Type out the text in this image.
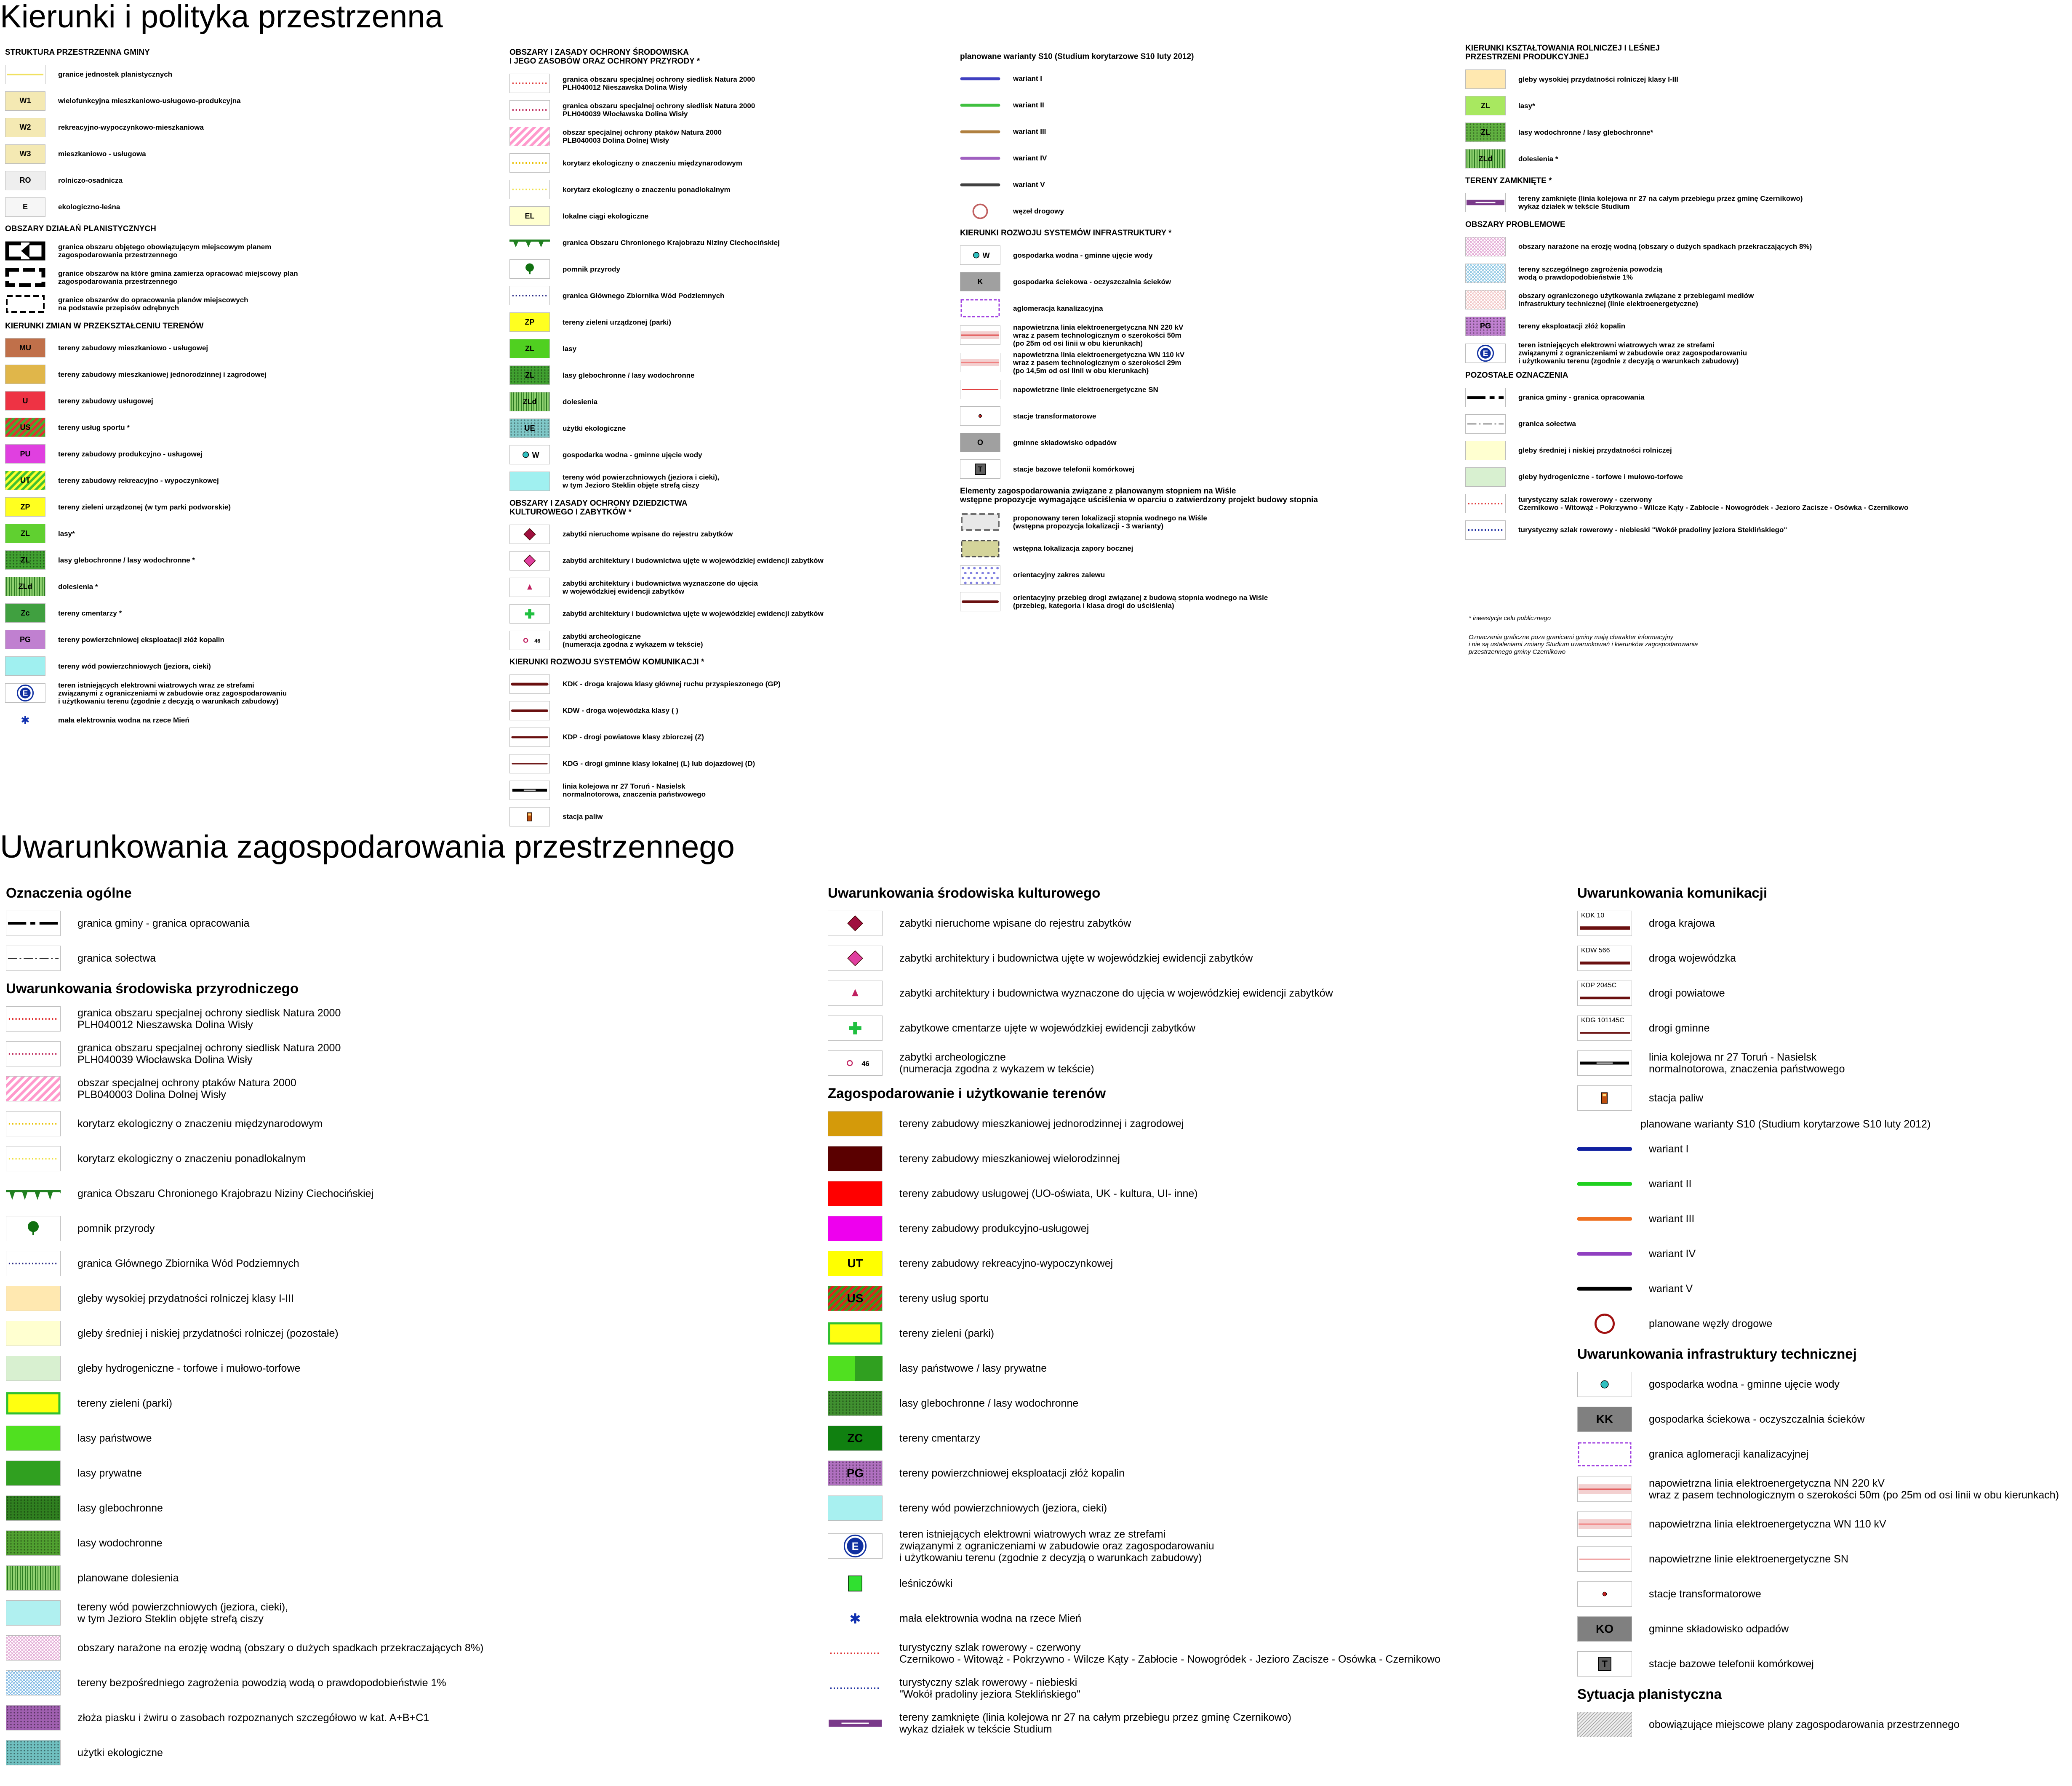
Kierunki i polityka przestrzenna
Uwarunkowania zagospodarowania przestrzennego
STRUKTURA PRZESTRZENNA GMINY
granice jednostek planistycznych
W1	wielofunkcyjna mieszkaniowo-usługowo-produkcyjna
W2	rekreacyjno-wypoczynkowo-mieszkaniowa
W3	mieszkaniowo - usługowa
RO	rolniczo-osadnicza
E	ekologiczno-leśna
OBSZARY DZIAŁAŃ PLANISTYCZNYCH
granica obszaru objętego obowiązującym miejscowym planem
zagospodarowania przestrzennego
granice obszarów na które gmina zamierza opracować miejscowy plan
zagospodarowania przestrzennego
granice obszarów do opracowania planów miejscowych
na podstawie przepisów odrębnych
KIERUNKI ZMIAN W PRZEKSZTAŁCENIU TERENÓW
MU	tereny zabudowy mieszkaniowo - usługowej
tereny zabudowy mieszkaniowej jednorodzinnej i zagrodowej
U	tereny zabudowy usługowej
US	tereny usług sportu *
PU	tereny zabudowy produkcyjno - usługowej
UT	tereny zabudowy rekreacyjno - wypoczynkowej
ZP	tereny zieleni urządzonej (w tym parki podworskie)
ZL	lasy*
ZL	lasy glebochronne / lasy wodochronne *
ZLd	dolesienia *
Zc	tereny cmentarzy *
PG	tereny powierzchniowej eksploatacji złóż kopalin
tereny wód powierzchniowych (jeziora, cieki)
E
teren istniejących elektrowni wiatrowych wraz ze strefami
związanymi z ograniczeniami w zabudowie oraz zagospodarowaniu
i użytkowaniu terenu (zgodnie z decyzją o warunkach zabudowy)
✱	mała elektrownia wodna na rzece Mień
OBSZARY I ZASADY OCHRONY ŚRODOWISKA
I JEGO ZASOBÓW ORAZ OCHRONY PRZYRODY *
granica obszaru specjalnej ochrony siedlisk Natura 2000
PLH040012 Nieszawska Dolina Wisły
granica obszaru specjalnej ochrony siedlisk Natura 2000
PLH040039 Włocławska Dolina Wisły
obszar specjalnej ochrony ptaków Natura 2000
PLB040003 Dolina Dolnej Wisły
korytarz ekologiczny o znaczeniu międzynarodowym
korytarz ekologiczny o znaczeniu ponadlokalnym
EL	lokalne ciągi ekologiczne
granica Obszaru Chronionego Krajobrazu Niziny Ciechocińskiej
pomnik przyrody
granica Głównego Zbiornika Wód Podziemnych
ZP	tereny zieleni urządzonej (parki)
ZL	lasy
ZL	lasy glebochronne / lasy wodochronne
ZLd	dolesienia
UE	użytki ekologiczne
W	gospodarka wodna - gminne ujęcie wody
tereny wód powierzchniowych (jeziora i cieki),
w tym Jezioro Steklin objęte strefą ciszy
OBSZARY I ZASADY OCHRONY DZIEDZICTWA
KULTUROWEGO I ZABYTKÓW *
zabytki nieruchome wpisane do rejestru zabytków
zabytki architektury i budownictwa ujęte w wojewódzkiej ewidencji zabytków
zabytki architektury i budownictwa wyznaczone do ujęcia
w wojewódzkiej ewidencji zabytków
zabytki architektury i budownictwa ujęte w wojewódzkiej ewidencji zabytków
46
zabytki archeologiczne
(numeracja zgodna z wykazem w tekście)
KIERUNKI ROZWOJU SYSTEMÓW KOMUNIKACJI *
KDK - droga krajowa klasy głównej ruchu przyspieszonego (GP)
KDW - droga wojewódzka klasy ( )
KDP - drogi powiatowe klasy zbiorczej (Z)
KDG - drogi gminne klasy lokalnej (L) lub dojazdowej (D)
linia kolejowa nr 27 Toruń - Nasielsk
normalnotorowa, znaczenia państwowego
stacja paliw
planowane warianty S10 (Studium korytarzowe S10 luty 2012)
wariant I
wariant II
wariant III
wariant IV
wariant V
węzeł drogowy
KIERUNKI ROZWOJU SYSTEMÓW INFRASTRUKTURY *
W	gospodarka wodna - gminne ujęcie wody
K	gospodarka ściekowa - oczyszczalnia ścieków
aglomeracja kanalizacyjna
napowietrzna linia elektroenergetyczna NN 220 kV
wraz z pasem technologicznym o szerokości 50m
(po 25m od osi linii w obu kierunkach)
napowietrzna linia elektroenergetyczna WN 110 kV
wraz z pasem technologicznym o szerokości 29m
(po 14,5m od osi linii w obu kierunkach)
napowietrzne linie elektroenergetyczne SN
stacje transformatorowe
O	gminne składowisko odpadów
T	stacje bazowe telefonii komórkowej
Elementy zagospodarowania związane z planowanym stopniem na Wiśle
wstępne propozycje wymagające uściślenia w oparciu o zatwierdzony projekt budowy stopnia
proponowany teren lokalizacji stopnia wodnego na Wiśle
(wstępna propozycja lokalizacji - 3 warianty)
wstępna lokalizacja zapory bocznej
orientacyjny zakres zalewu
orientacyjny przebieg drogi związanej z budową stopnia wodnego na Wiśle
(przebieg, kategoria i klasa drogi do uściślenia)
KIERUNKI KSZTAŁTOWANIA ROLNICZEJ I LEŚNEJ
PRZESTRZENI PRODUKCYJNEJ
gleby wysokiej przydatności rolniczej klasy I-III
ZL	lasy*
ZL	lasy wodochronne / lasy glebochronne*
ZLd	dolesienia *
TERENY ZAMKNIĘTE *
tereny zamknięte (linia kolejowa nr 27 na całym przebiegu przez gminę Czernikowo)
wykaz działek w tekście Studium
OBSZARY PROBLEMOWE
obszary narażone na erozję wodną (obszary o dużych spadkach przekraczających 8%)
tereny szczególnego zagrożenia powodzią
wodą o prawdopodobieństwie 1%
obszary ograniczonego użytkowania związane z przebiegami mediów
infrastruktury technicznej (linie elektroenergetyczne)
PG	tereny eksploatacji złóż kopalin
E
teren istniejących elektrowni wiatrowych wraz ze strefami
związanymi z ograniczeniami w zabudowie oraz zagospodarowaniu
i użytkowaniu terenu (zgodnie z decyzją o warunkach zabudowy)
POZOSTAŁE OZNACZENIA
granica gminy - granica opracowania
granica sołectwa
gleby średniej i niskiej przydatności rolniczej
gleby hydrogeniczne - torfowe i mułowo-torfowe
turystyczny szlak rowerowy - czerwony
Czernikowo - Witowąż - Pokrzywno - Wilcze Kąty - Zabłocie - Nowogródek - Jezioro Zacisze - Osówka - Czernikowo
turystyczny szlak rowerowy - niebieski "Wokół pradoliny jeziora Steklińskiego"
* inwestycje celu publicznego
Oznaczenia graficzne poza granicami gminy mają charakter informacyjny
i nie są ustaleniami zmiany Studium uwarunkowań i kierunków zagospodarowania
przestrzennego gminy Czernikowo
Oznaczenia ogólne
granica gminy - granica opracowania
granica sołectwa
Uwarunkowania środowiska przyrodniczego
granica obszaru specjalnej ochrony siedlisk Natura 2000
PLH040012 Nieszawska Dolina Wisły
granica obszaru specjalnej ochrony siedlisk Natura 2000
PLH040039 Włocławska Dolina Wisły
obszar specjalnej ochrony ptaków Natura 2000
PLB040003 Dolina Dolnej Wisły
korytarz ekologiczny o znaczeniu międzynarodowym
korytarz ekologiczny o znaczeniu ponadlokalnym
granica Obszaru Chronionego Krajobrazu Niziny Ciechocińskiej
pomnik przyrody
granica Głównego Zbiornika Wód Podziemnych
gleby wysokiej przydatności rolniczej klasy I-III
gleby średniej i niskiej przydatności rolniczej (pozostałe)
gleby hydrogeniczne - torfowe i mułowo-torfowe
tereny zieleni (parki)
lasy państwowe
lasy prywatne
lasy glebochronne
lasy wodochronne
planowane dolesienia
tereny wód powierzchniowych (jeziora, cieki),
w tym Jezioro Steklin objęte strefą ciszy
obszary narażone na erozję wodną (obszary o dużych spadkach przekraczających 8%)
tereny bezpośredniego zagrożenia powodzią wodą o prawdopodobieństwie 1%
złoża piasku i żwiru o zasobach rozpoznanych szczegółowo w kat. A+B+C1
użytki ekologiczne
Uwarunkowania środowiska kulturowego
zabytki nieruchome wpisane do rejestru zabytków
zabytki architektury i budownictwa ujęte w wojewódzkiej ewidencji zabytków
zabytki architektury i budownictwa wyznaczone do ujęcia w wojewódzkiej ewidencji zabytków
zabytkowe cmentarze ujęte w wojewódzkiej ewidencji zabytków
46
zabytki archeologiczne
(numeracja zgodna z wykazem w tekście)
Zagospodarowanie i użytkowanie terenów
tereny zabudowy mieszkaniowej jednorodzinnej i zagrodowej
tereny zabudowy mieszkaniowej wielorodzinnej
tereny zabudowy usługowej (UO-oświata, UK - kultura, UI- inne)
tereny zabudowy produkcyjno-usługowej
UT	tereny zabudowy rekreacyjno-wypoczynkowej
US	tereny usług sportu
tereny zieleni (parki)
lasy państwowe / lasy prywatne
lasy glebochronne / lasy wodochronne
ZC	tereny cmentarzy
PG	tereny powierzchniowej eksploatacji złóż kopalin
tereny wód powierzchniowych (jeziora, cieki)
E
teren istniejących elektrowni wiatrowych wraz ze strefami
związanymi z ograniczeniami w zabudowie oraz zagospodarowaniu
i użytkowaniu terenu (zgodnie z decyzją o warunkach zabudowy)
leśniczówki
✱	mała elektrownia wodna na rzece Mień
turystyczny szlak rowerowy - czerwony
Czernikowo - Witowąż - Pokrzywno - Wilcze Kąty - Zabłocie - Nowogródek - Jezioro Zacisze - Osówka - Czernikowo
turystyczny szlak rowerowy - niebieski
"Wokół pradoliny jeziora Steklińskiego"
tereny zamknięte (linia kolejowa nr 27 na całym przebiegu przez gminę Czernikowo)
wykaz działek w tekście Studium
Uwarunkowania komunikacji
KDK 10
droga krajowa
KDW 566
droga wojewódzka
KDP 2045C
drogi powiatowe
KDG 101145C
drogi gminne
linia kolejowa nr 27 Toruń - Nasielsk
normalnotorowa, znaczenia państwowego
stacja paliw
planowane warianty S10 (Studium korytarzowe S10 luty 2012)
wariant I
wariant II
wariant III
wariant IV
wariant V
planowane węzły drogowe
Uwarunkowania infrastruktury technicznej
gospodarka wodna - gminne ujęcie wody
KK	gospodarka ściekowa - oczyszczalnia ścieków
granica aglomeracji kanalizacyjnej
napowietrzna linia elektroenergetyczna NN 220 kV
wraz z pasem technologicznym o szerokości 50m (po 25m od osi linii w obu kierunkach)
napowietrzna linia elektroenergetyczna WN 110 kV
napowietrzne linie elektroenergetyczne SN
stacje transformatorowe
KO	gminne składowisko odpadów
T	stacje bazowe telefonii komórkowej
Sytuacja planistyczna
obowiązujące miejscowe plany zagospodarowania przestrzennego
